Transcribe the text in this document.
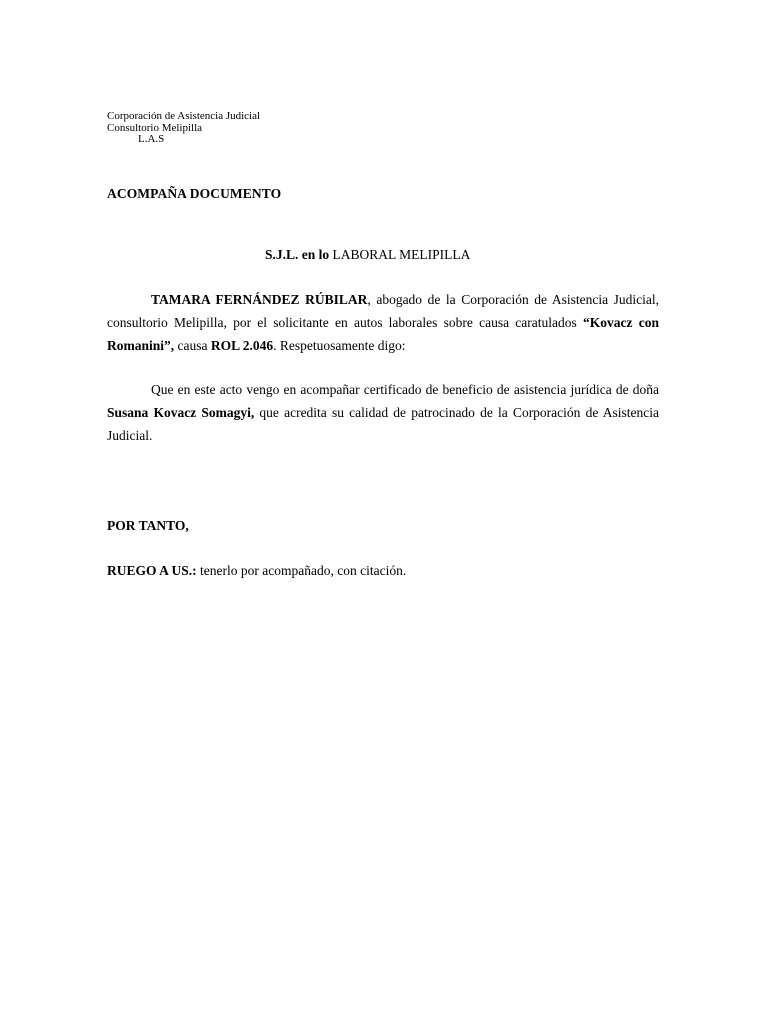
Corporación de Asistencia Judicial
Consultorio Melipilla
L.A.S
ACOMPAÑA DOCUMENTO
S.J.L. en lo LABORAL MELIPILLA
TAMARA FERNÁNDEZ RÚBILAR, abogado de la Corporación de Asistencia Judicial, consultorio Melipilla, por el solicitante en autos laborales sobre causa caratulados “Kovacz con Romanini”, causa ROL 2.046. Respetuosamente digo:
Que en este acto vengo en acompañar certificado de beneficio de asistencia jurídica de doña Susana Kovacz Somagyi, que acredita su calidad de patrocinado de la Corporación de Asistencia Judicial.
POR TANTO,
RUEGO A US.: tenerlo por acompañado, con citación.
